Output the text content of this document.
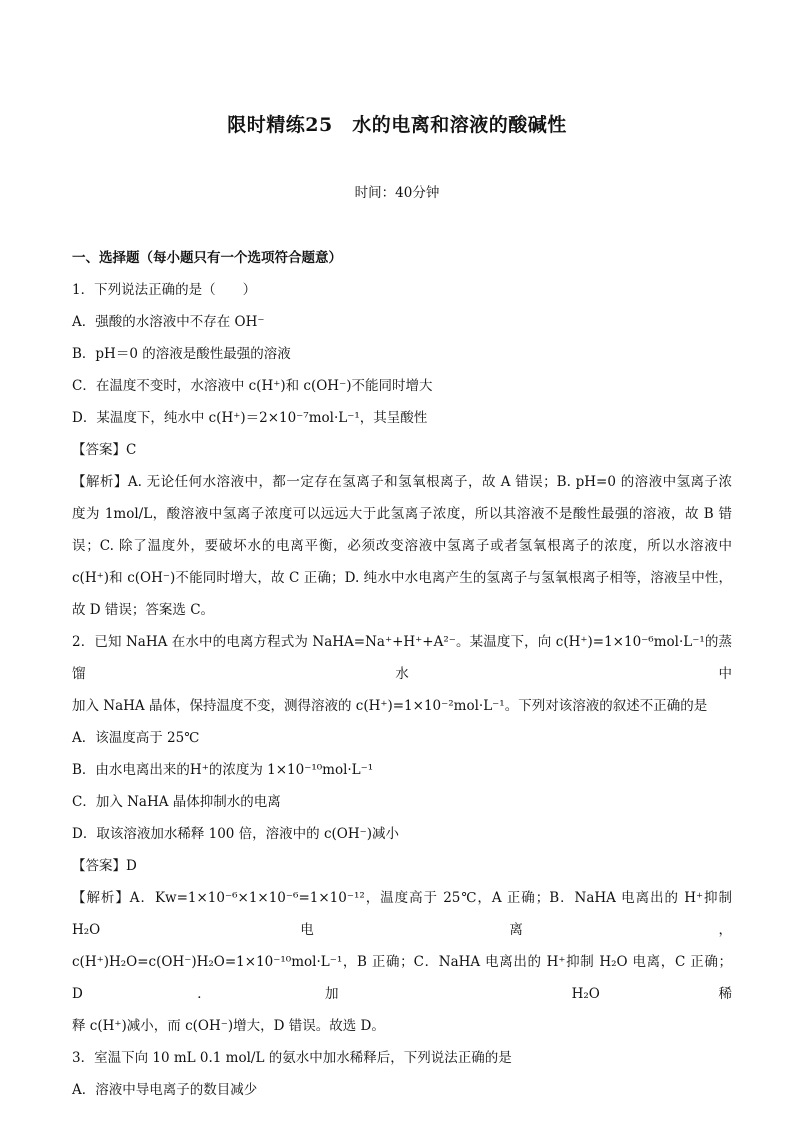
限时精练25　水的电离和溶液的酸碱性
时间：40分钟

一、选择题（每小题只有一个选项符合题意）

1．下列说法正确的是（　　）

A．强酸的水溶液中不存在 OH⁻

B．pH＝0 的溶液是酸性最强的溶液

C．在温度不变时，水溶液中 c(H⁺)和 c(OH⁻)不能同时增大

D．某温度下，纯水中 c(H⁺)＝2×10⁻⁷mol·L⁻¹，其呈酸性

【答案】C

【解析】A. 无论任何水溶液中，都一定存在氢离子和氢氧根离子，故 A 错误；B. pH=0 的溶液中氢离子浓

度为 1mol/L，酸溶液中氢离子浓度可以远远大于此氢离子浓度，所以其溶液不是酸性最强的溶液，故 B 错

误；C. 除了温度外，要破坏水的电离平衡，必须改变溶液中氢离子或者氢氧根离子的浓度，所以水溶液中

c(H⁺)和 c(OH⁻)不能同时增大，故 C 正确；D. 纯水中水电离产生的氢离子与氢氧根离子相等，溶液呈中性，

故 D 错误；答案选 C。

2．已知 NaHA 在水中的电离方程式为 NaHA=Na⁺+H⁺+A²⁻。某温度下，向 c(H⁺)=1×10⁻⁶mol·L⁻¹的蒸馏水中

加入 NaHA 晶体，保持温度不变，测得溶液的 c(H⁺)=1×10⁻²mol·L⁻¹。下列对该溶液的叙述不正确的是

A．该温度高于 25℃

B．由水电离出来的H⁺的浓度为 1×10⁻¹⁰mol·L⁻¹

C．加入 NaHA 晶体抑制水的电离

D．取该溶液加水稀释 100 倍，溶液中的 c(OH⁻)减小

【答案】D

【解析】A．Kw=1×10⁻⁶×1×10⁻⁶=1×10⁻¹²，温度高于 25℃，A 正确；B．NaHA 电离出的 H⁺抑制 H₂O 电离，

c(H⁺)H₂O=c(OH⁻)H₂O=1×10⁻¹⁰mol·L⁻¹，B 正确；C．NaHA 电离出的 H⁺抑制 H₂O 电离，C 正确；D．加 H₂O 稀

释 c(H⁺)减小，而 c(OH⁻)增大，D 错误。故选 D。

3．室温下向 10 mL 0.1 mol/L 的氨水中加水稀释后，下列说法正确的是

A．溶液中导电离子的数目减少
